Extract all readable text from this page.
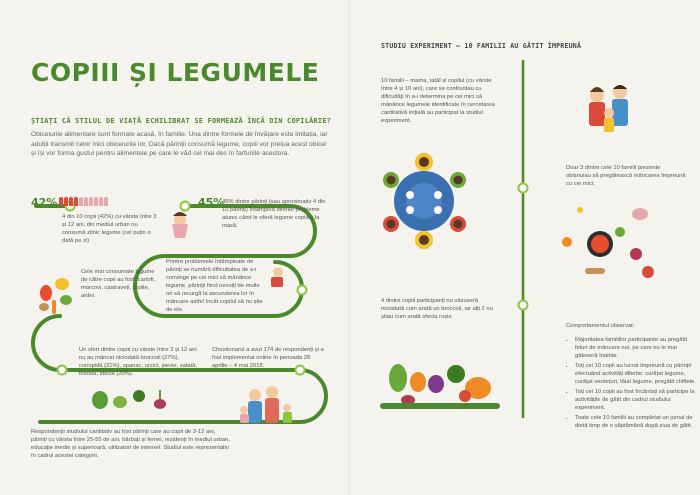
COPIII ȘI LEGUMELE
ȘTIAȚI CĂ STILUL DE VIAȚĂ ECHILIBRAT SE FORMEAZĂ ÎNCĂ DIN COPILĂRIE?
Obiceiurile alimentare sunt formate acasă, în familie. Una dintre formele de învățare este imitația, iar adulții transmit celor mici obiceiurile lor. Dacă părinții consumă legume, copiii vor prelua acest obicei și își vor forma gustul pentru alimentele pe care le văd cel mai des în farfuriile acestora.
42%
4 din 10 copii (42%) cu vârsta între 3 și 12 ani, din mediul urban nu consumă zilnic legume (cel puțin o dată pe zi)
45%
45% dintre părinți (sau aproximativ 4 din 10 părinți) întâmpină diferite probleme atunci când le oferă legume copiilor la masă.
Cele mai consumate legume de către copii au fost: cartofi, morcovi, castraveți, roșiile, ardei.
Printre problemele întâmpinate de părinți se numără dificultatea de a-i convinge pe cei mici să mănânce legume, părinții fiind nevoiți de multe ori să recurgă la ascunderea lor în mâncare astfel încât copilul să nu știe de ele.
Un sfert dintre copiii cu vârste între 3 și 12 ani nu au mâncat niciodată broccoli (27%), conopidă (21%), spanac, urzici, ștevie, salată, lobodă, sfeclă (20%).
Chestionarul a avut 174 de respondenți și a fost implementat online în perioada 28 aprilie – 4 mai 2018.
Respondenții studiului cantitativ au fost părinți care au copii de 3-12 ani, părinți cu vârsta între 25-55 de ani, bărbați și femei, rezidenți în mediul urban, educație medie și superioară, utilizatori de internet. Studiul este reprezentativ în cadrul acestei categorii.
STUDIU EXPERIMENT – 10 FAMILII AU GĂTIT ÎMPREUNĂ
10 familii – mama, tatăl și copilul (cu vârste între 4 și 10 ani), care se confruntau cu dificultăți în a-i determina pe cei mici să mănânce legumele identificate în cercetarea cantitativă inițială au participat la studiul experiment.
Doar 3 dintre cele 10 familii prezente obișnuiau să pregătească mâncarea împreună cu cei mici.
4 dintre copiii participanți nu văzuseră niciodată cum arată un broccoli, iar alți 2 nu știau cum arată sfecla roșie.
Comportamentul observat:
• Majoritatea familiilor participante au pregătit feluri de mâncare noi, pe care nu le mai găteseră înainte.
• Toți cei 10 copii au lucrat împreună cu părinții efectuând activități diferite: curățat legume, curățat verdețuri, tăiat legume, pregătit chiftele.
• Toți cei 10 copii au fost încântați să participe la activitățile de gătit din cadrul studiului experiment.
• Toate cele 10 familii au completat un jurnal de dietă timp de o săptămână după ziua de gătit.
